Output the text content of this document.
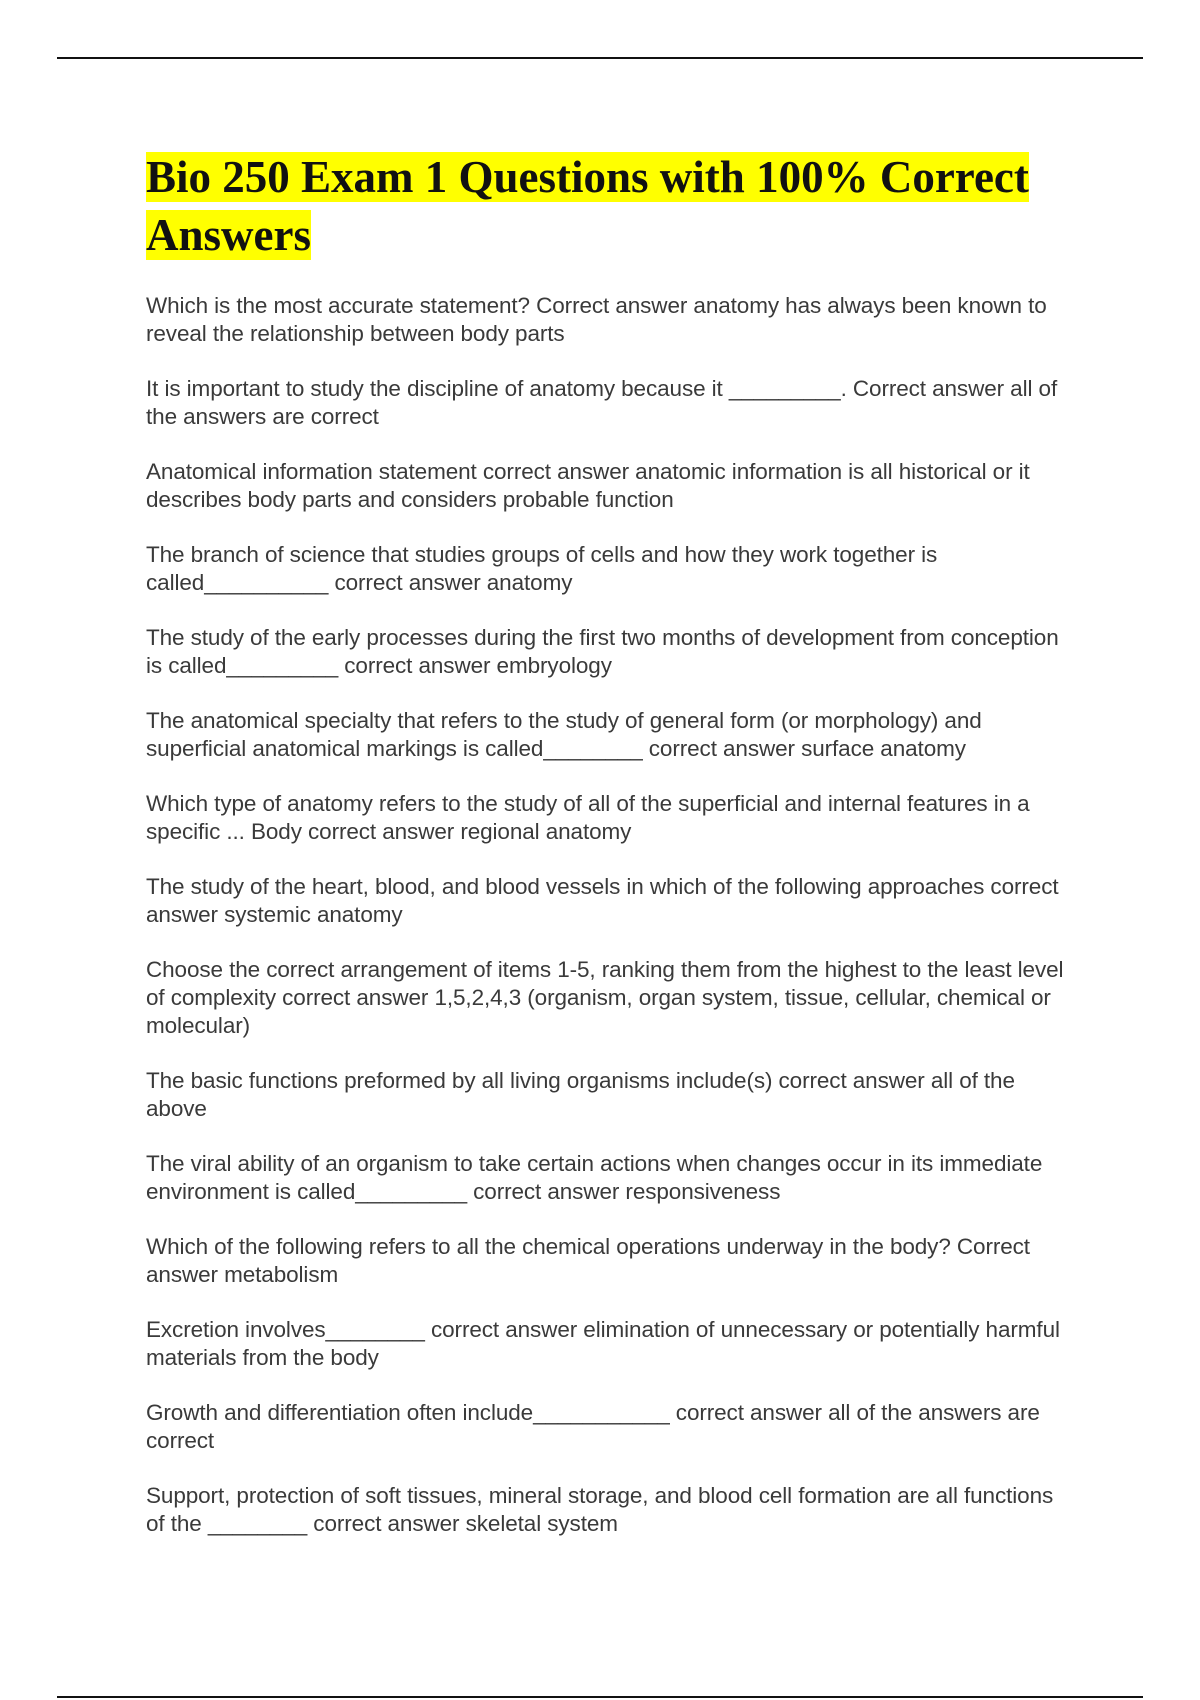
Bio 250 Exam 1 Questions with 100% Correct Answers
Which is the most accurate statement? Correct answer anatomy has always been known to reveal the relationship between body parts
It is important to study the discipline of anatomy because it _________. Correct answer all of the answers are correct
Anatomical information statement correct answer anatomic information is all historical or it describes body parts and considers probable function
The branch of science that studies groups of cells and how they work together is called__________ correct answer anatomy
The study of the early processes during the first two months of development from conception is called_________ correct answer embryology
The anatomical specialty that refers to the study of general form (or morphology) and superficial anatomical markings is called________ correct answer surface anatomy
Which type of anatomy refers to the study of all of the superficial and internal features in a specific ... Body correct answer regional anatomy
The study of the heart, blood, and blood vessels in which of the following approaches correct answer systemic anatomy
Choose the correct arrangement of items 1-5, ranking them from the highest to the least level of complexity correct answer 1,5,2,4,3 (organism, organ system, tissue, cellular, chemical or molecular)
The basic functions preformed by all living organisms include(s) correct answer all of the above
The viral ability of an organism to take certain actions when changes occur in its immediate environment is called_________ correct answer responsiveness
Which of the following refers to all the chemical operations underway in the body? Correct answer metabolism
Excretion involves________ correct answer elimination of unnecessary or potentially harmful materials from the body
Growth and differentiation often include___________ correct answer all of the answers are correct
Support, protection of soft tissues, mineral storage, and blood cell formation are all functions of the ________ correct answer skeletal system
